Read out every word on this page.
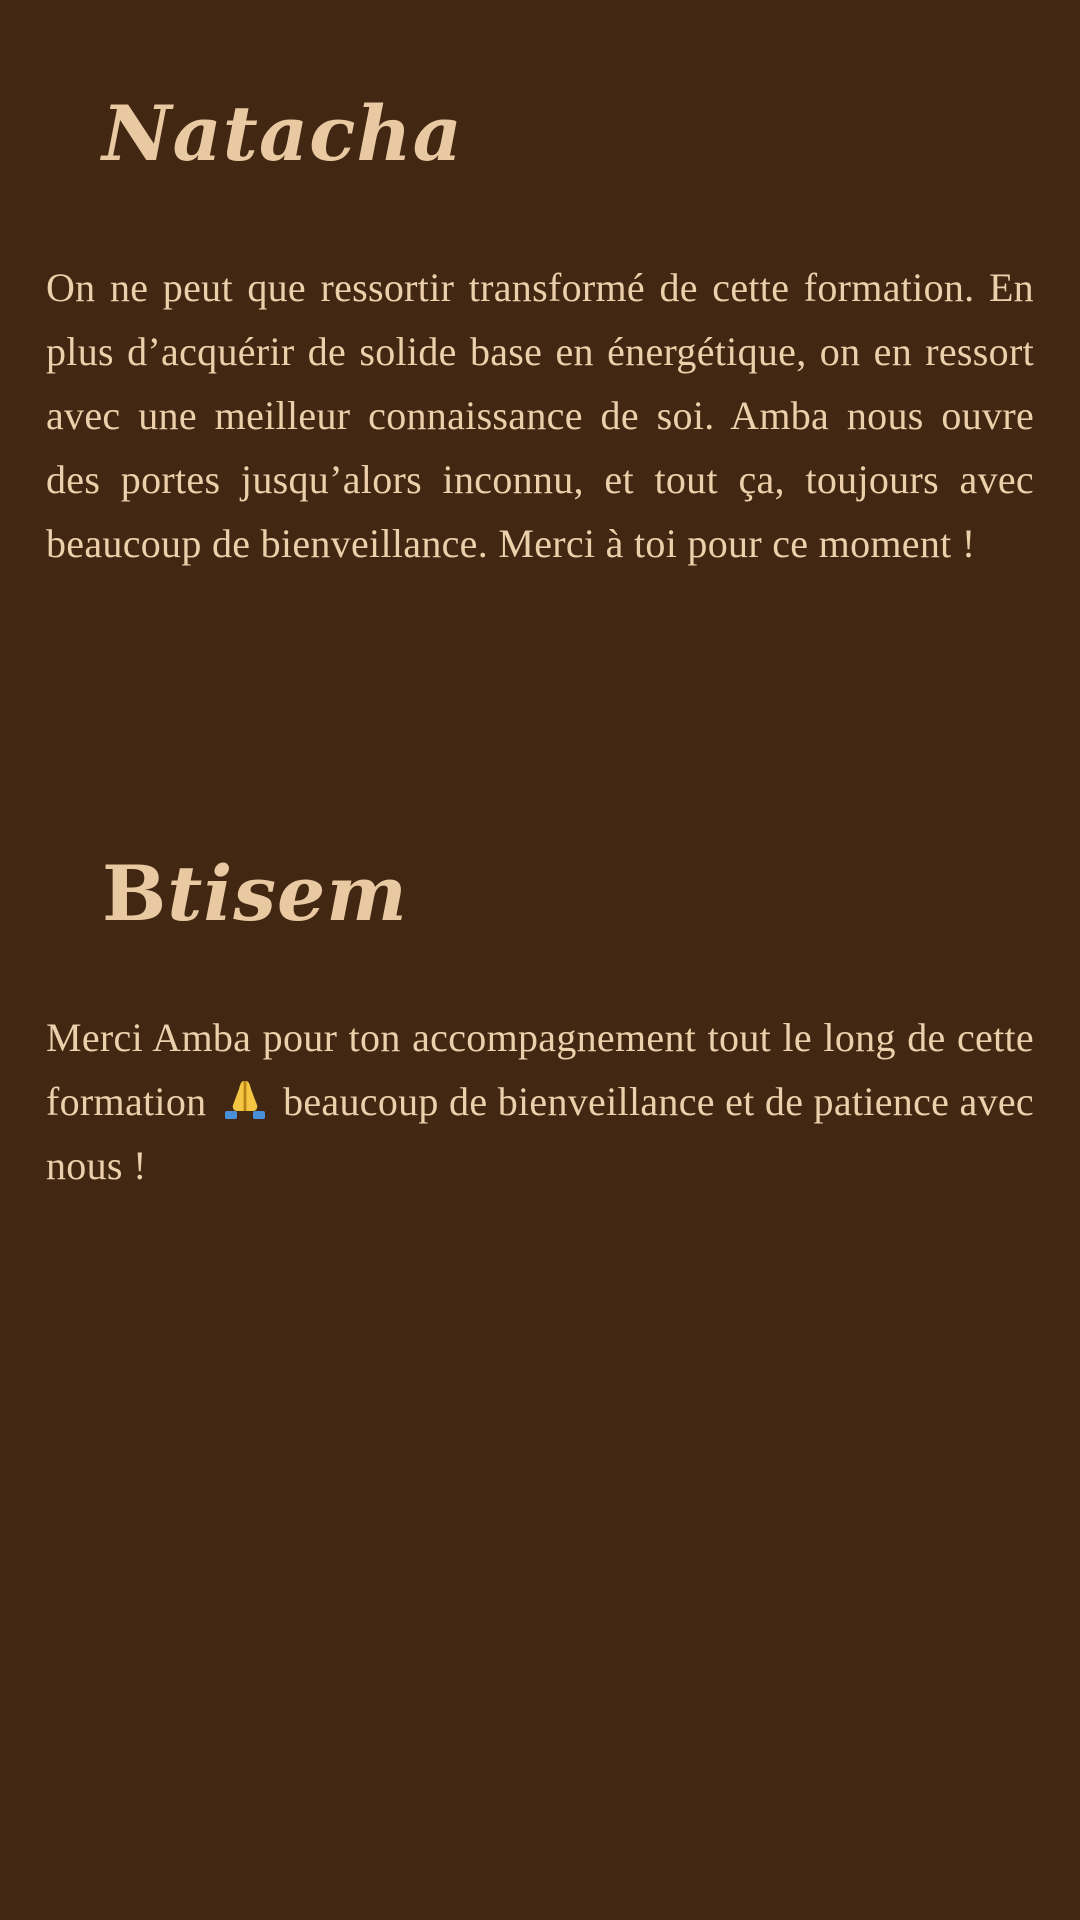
Natacha

On ne peut que ressortir transformé de cette formation. En plus d’acquérir de solide base en énergétique, on en ressort avec une meilleur connaissance de soi. Amba nous ouvre des portes jusqu’alors inconnu, et tout ça, toujours avec beaucoup de bienveillance. Merci à toi pour ce moment !

Btisem

Merci Amba pour ton accompagnement tout le long de cette formation beaucoup de bienveillance et de patience avec nous !
